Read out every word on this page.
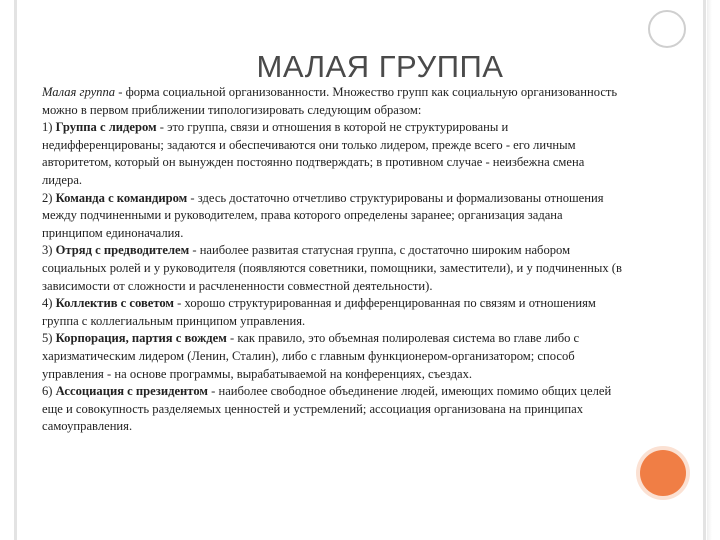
МАЛАЯ ГРУППА

Малая группа - форма социальной организованности. Множество групп как социальную организованность можно в первом приближении типологизировать следующим образом:

1) Группа с лидером - это группа, связи и отношения в которой не структурированы и недифференцированы; задаются и обеспечиваются они только лидером, прежде всего - его личным авторитетом, который он вынужден постоянно подтверждать; в противном случае - неизбежна смена лидера.

2) Команда с командиром - здесь достаточно отчетливо структурированы и формализованы отношения между подчиненными и руководителем, права которого определены заранее; организация задана принципом единоначалия.

3) Отряд с предводителем - наиболее развитая статусная группа, с достаточно широким набором социальных ролей и у руководителя (появляются советники, помощники, заместители), и у подчиненных (в зависимости от сложности и расчлененности совместной деятельности).

4) Коллектив с советом - хорошо структурированная и дифференцированная по связям и отношениям группа с коллегиальным принципом управления.

5) Корпорация, партия с вождем - как правило, это объемная полиролевая система во главе либо с харизматическим лидером (Ленин, Сталин), либо с главным функционером-организатором; способ управления - на основе программы, вырабатываемой на конференциях, съездах.

6) Ассоциация с президентом - наиболее свободное объединение людей, имеющих помимо общих целей еще и совокупность разделяемых ценностей и устремлений; ассоциация организована на принципах самоуправления.
